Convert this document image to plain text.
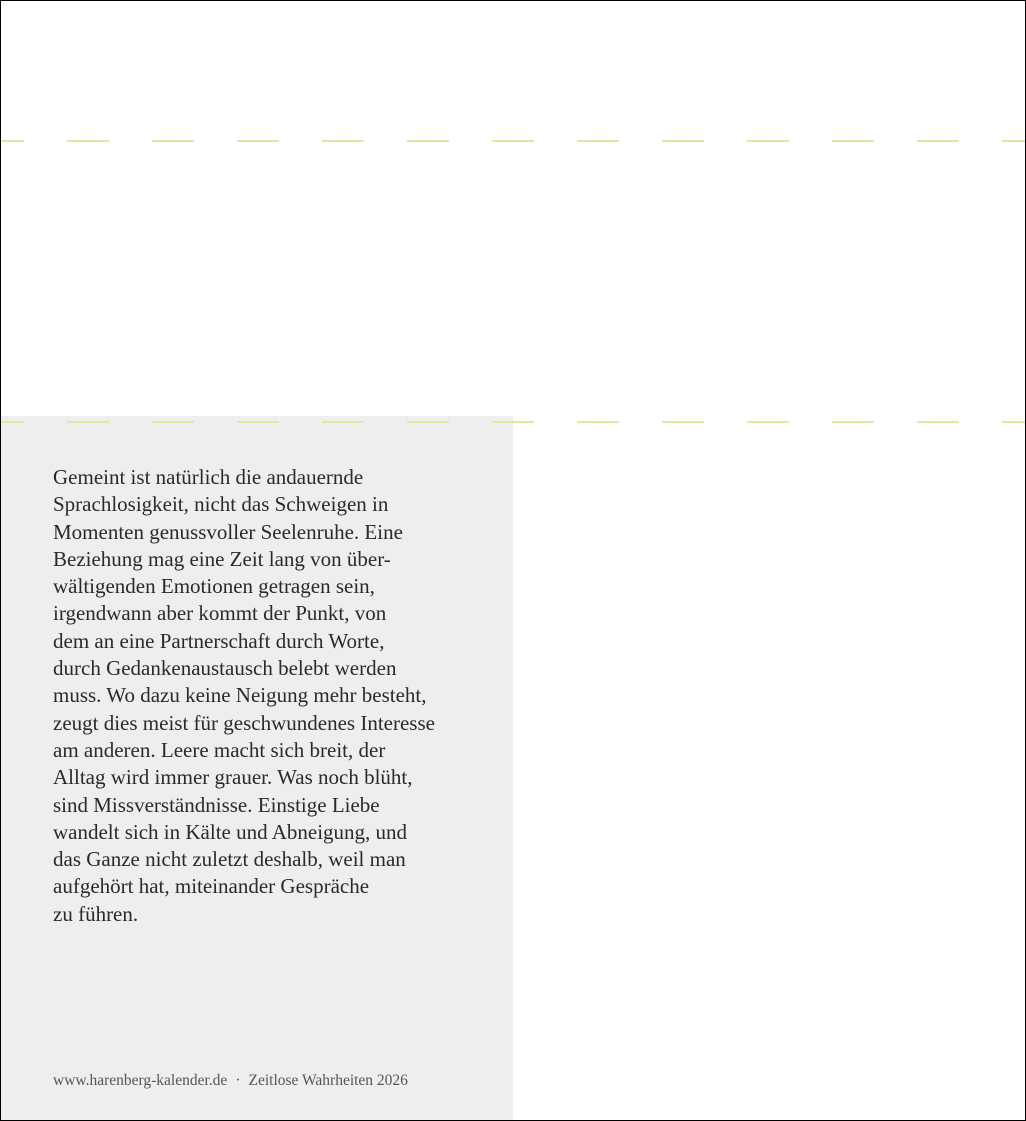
Gemeint ist natürlich die andauernde
Sprachlosigkeit, nicht das Schweigen in
Momenten genussvoller Seelenruhe. Eine
Beziehung mag eine Zeit lang von über-
wältigenden Emotionen getragen sein,
irgendwann aber kommt der Punkt, von
dem an eine Partnerschaft durch Worte,
durch Gedankenaustausch belebt werden
muss. Wo dazu keine Neigung mehr besteht,
zeugt dies meist für geschwundenes Interesse
am anderen. Leere macht sich breit, der
Alltag wird immer grauer. Was noch blüht,
sind Missverständnisse. Einstige Liebe
wandelt sich in Kälte und Abneigung, und
das Ganze nicht zuletzt deshalb, weil man
aufgehört hat, miteinander Gespräche
zu führen.

www.harenberg-kalender.de · Zeitlose Wahrheiten 2026
